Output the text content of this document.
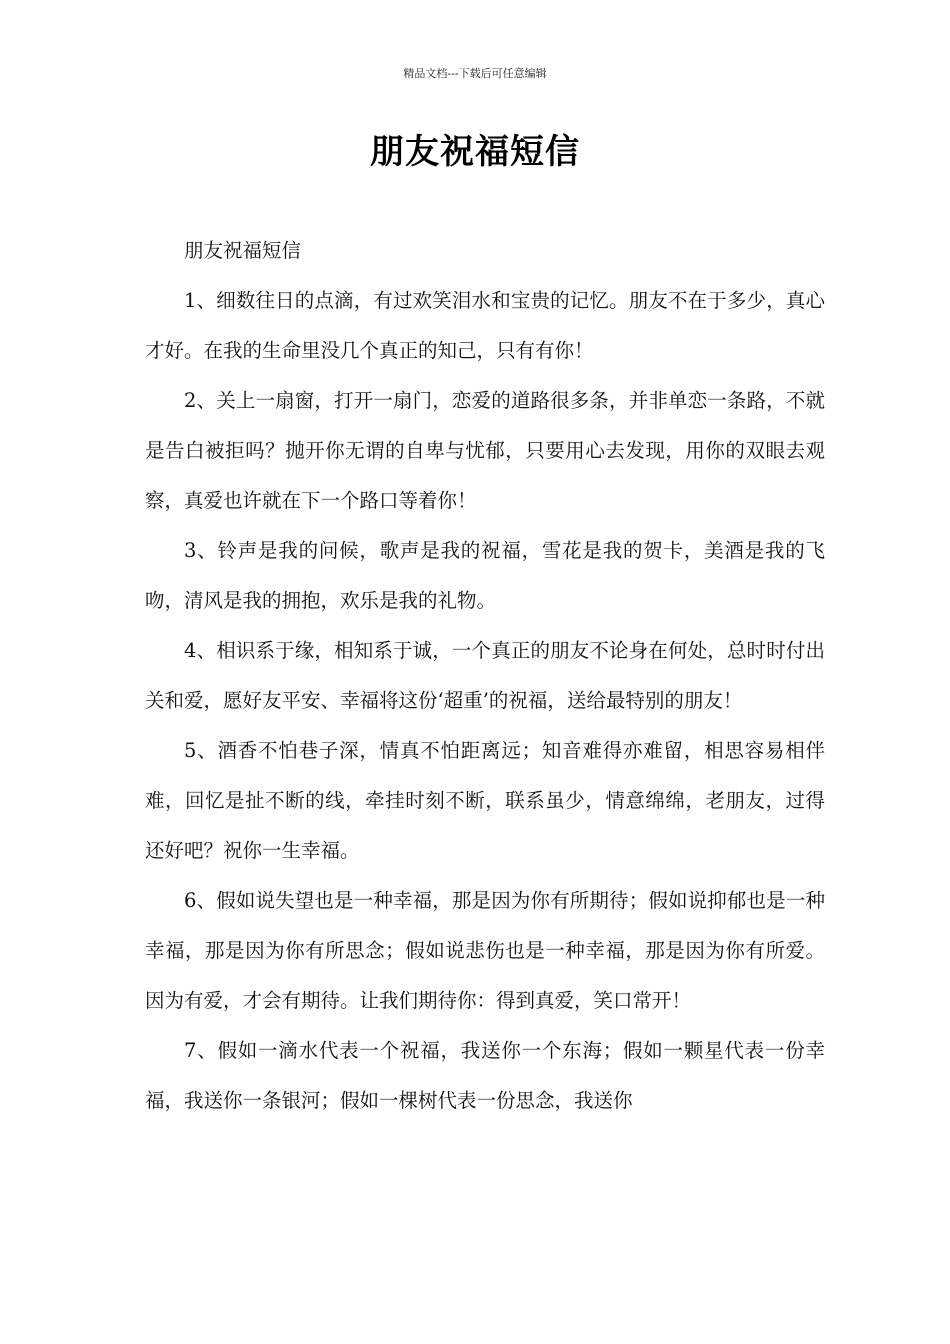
精品文档---下载后可任意编辑
朋友祝福短信

朋友祝福短信

1、细数往日的点滴，有过欢笑泪水和宝贵的记忆。朋友不在于多少，真心才好。在我的生命里没几个真正的知己，只有有你！

2、关上一扇窗，打开一扇门，恋爱的道路很多条，并非单恋一条路，不就是告白被拒吗？抛开你无谓的自卑与忧郁，只要用心去发现，用你的双眼去观察，真爱也许就在下一个路口等着你！

3、铃声是我的问候，歌声是我的祝福，雪花是我的贺卡，美酒是我的飞吻，清风是我的拥抱，欢乐是我的礼物。

4、相识系于缘，相知系于诚，一个真正的朋友不论身在何处，总时时付出关和爱，愿好友平安、幸福将这份‘超重’的祝福，送给最特别的朋友！

5、酒香不怕巷子深，情真不怕距离远；知音难得亦难留，相思容易相伴难，回忆是扯不断的线，牵挂时刻不断，联系虽少，情意绵绵，老朋友，过得还好吧？祝你一生幸福。

6、假如说失望也是一种幸福，那是因为你有所期待；假如说抑郁也是一种幸福，那是因为你有所思念；假如说悲伤也是一种幸福，那是因为你有所爱。因为有爱，才会有期待。让我们期待你：得到真爱，笑口常开！

7、假如一滴水代表一个祝福，我送你一个东海；假如一颗星代表一份幸福，我送你一条银河；假如一棵树代表一份思念，我送你
